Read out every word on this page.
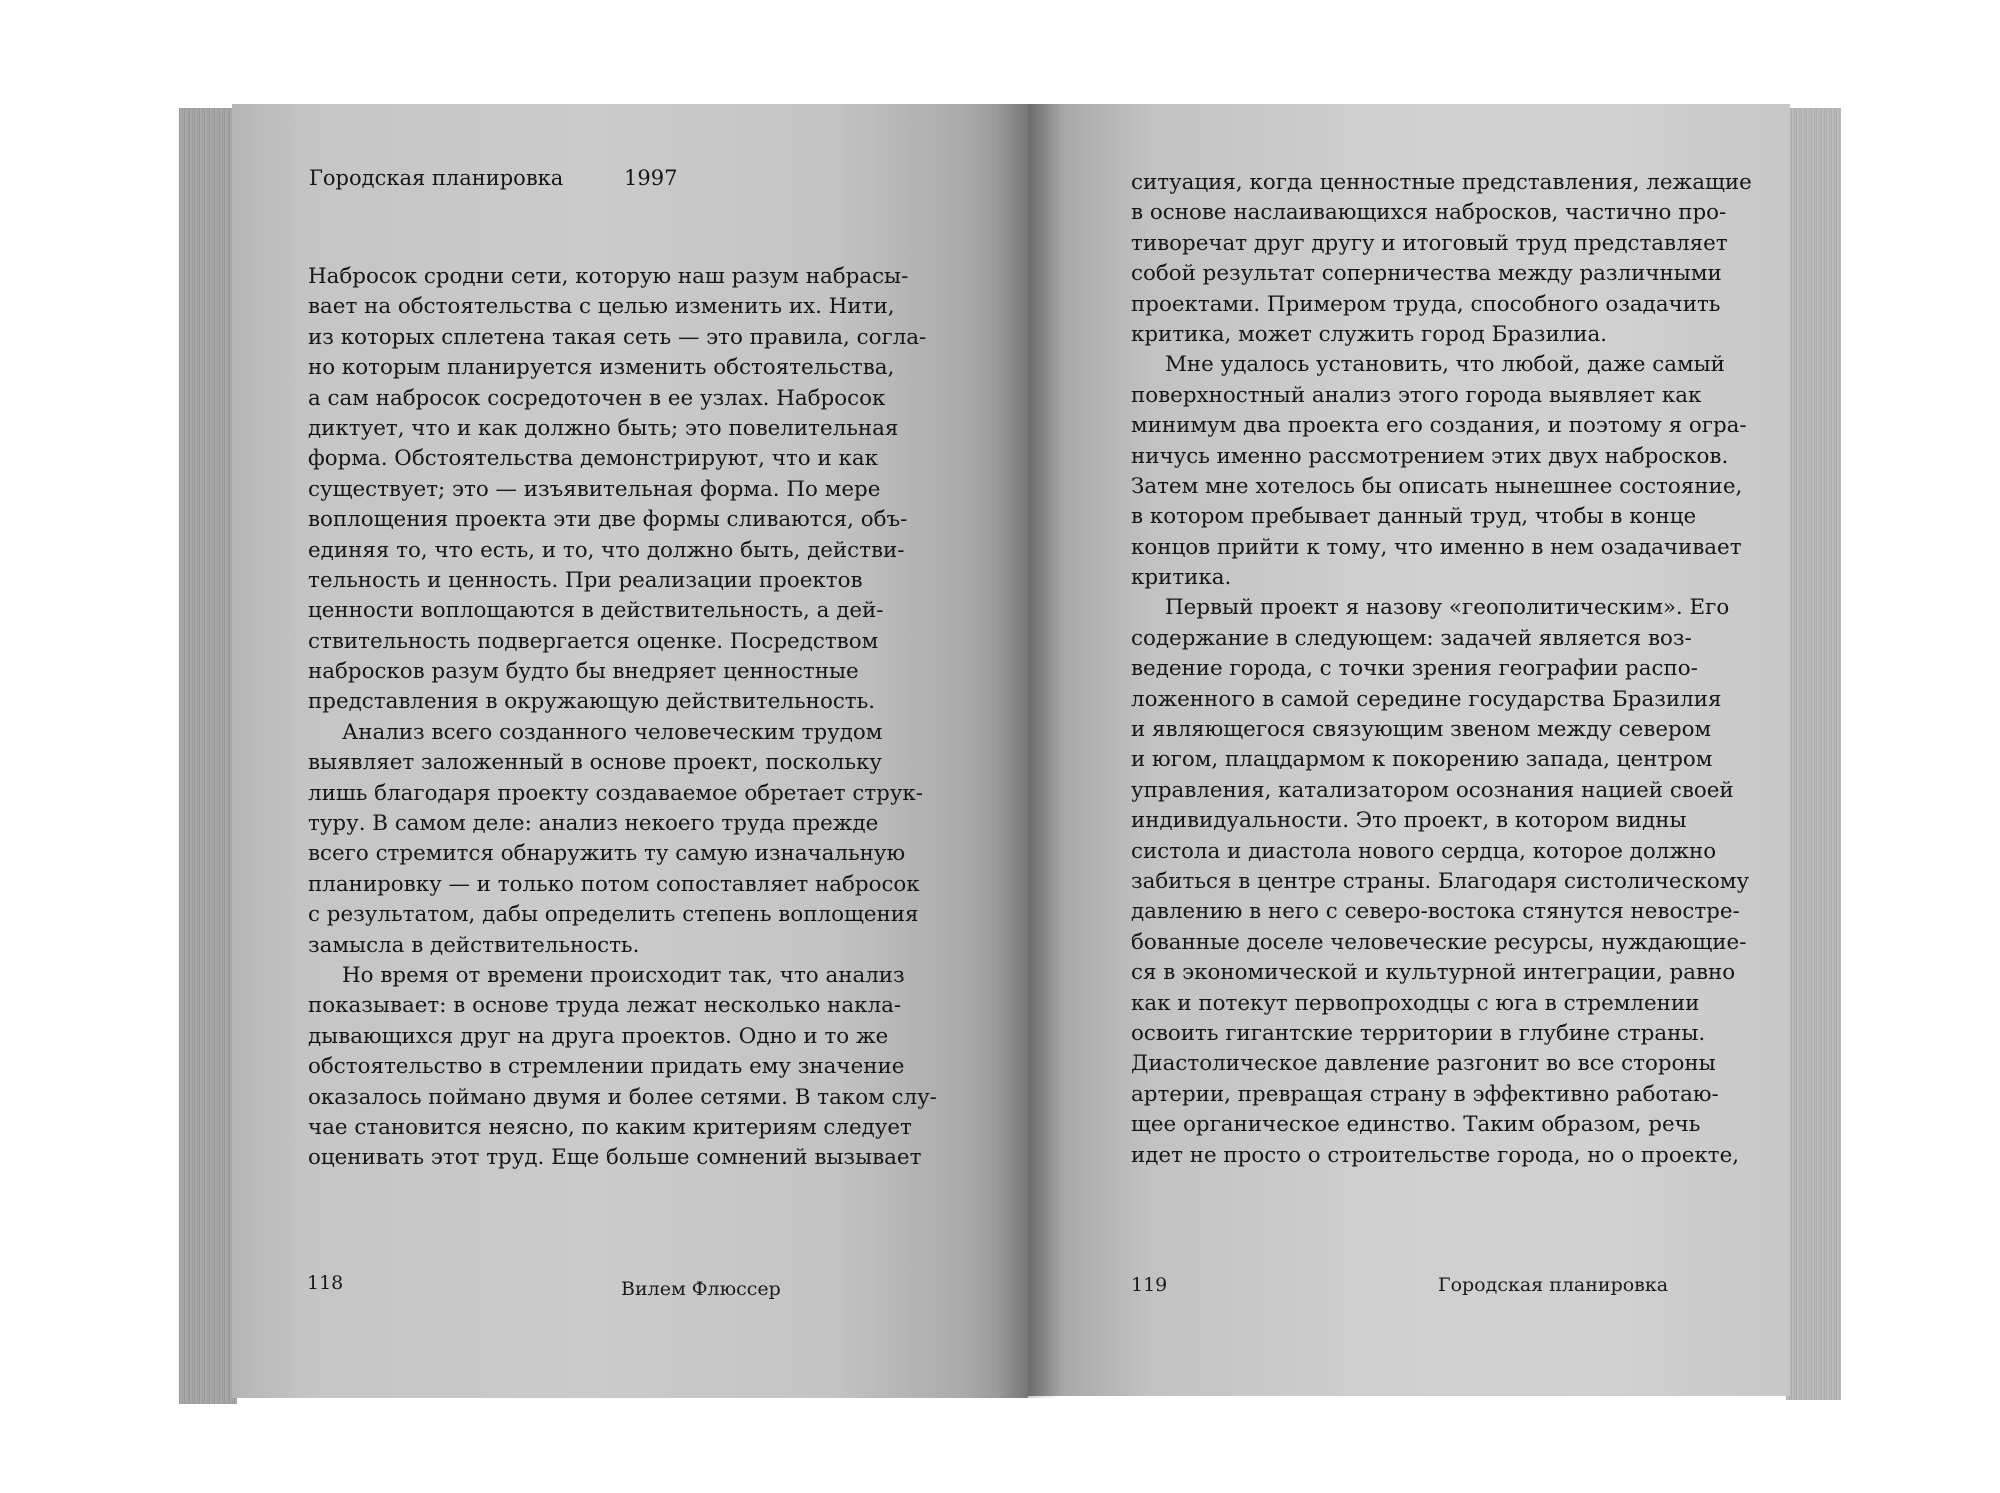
Городская планировка	1997
Набросок сродни сети, которую наш разум набрасы-
вает на обстоятельства с целью изменить их. Нити,
из которых сплетена такая сеть — это правила, согла-
но которым планируется изменить обстоятельства,
а сам набросок сосредоточен в ее узлах. Набросок
диктует, что и как должно быть; это повелительная
форма. Обстоятельства демонстрируют, что и как
существует; это — изъявительная форма. По мере
воплощения проекта эти две формы сливаются, объ-
единяя то, что есть, и то, что должно быть, действи-
тельность и ценность. При реализации проектов
ценности воплощаются в действительность, а дей-
ствительность подвергается оценке. Посредством
набросков разум будто бы внедряет ценностные
представления в окружающую действительность.
Анализ всего созданного человеческим трудом
выявляет заложенный в основе проект, поскольку
лишь благодаря проекту создаваемое обретает струк-
туру. В самом деле: анализ некоего труда прежде
всего стремится обнаружить ту самую изначальную
планировку — и только потом сопоставляет набросок
с результатом, дабы определить степень воплощения
замысла в действительность.
Но время от времени происходит так, что анализ
показывает: в основе труда лежат несколько накла-
дывающихся друг на друга проектов. Одно и то же
обстоятельство в стремлении придать ему значение
оказалось поймано двумя и более сетями. В таком слу-
чае становится неясно, по каким критериям следует
оценивать этот труд. Еще больше сомнений вызывает
118	Вилем Флюссер
ситуация, когда ценностные представления, лежащие
в основе наслаивающихся набросков, частично про-
тиворечат друг другу и итоговый труд представляет
собой результат соперничества между различными
проектами. Примером труда, способного озадачить
критика, может служить город Бразилиа.
Мне удалось установить, что любой, даже самый
поверхностный анализ этого города выявляет как
минимум два проекта его создания, и поэтому я огра-
ничусь именно рассмотрением этих двух набросков.
Затем мне хотелось бы описать нынешнее состояние,
в котором пребывает данный труд, чтобы в конце
концов прийти к тому, что именно в нем озадачивает
критика.
Первый проект я назову «геополитическим». Его
содержание в следующем: задачей является воз-
ведение города, с точки зрения географии распо-
ложенного в самой середине государства Бразилия
и являющегося связующим звеном между севером
и югом, плацдармом к покорению запада, центром
управления, катализатором осознания нацией своей
индивидуальности. Это проект, в котором видны
систола и диастола нового сердца, которое должно
забиться в центре страны. Благодаря систолическому
давлению в него с северо-востока стянутся невостре-
бованные доселе человеческие ресурсы, нуждающие-
ся в экономической и культурной интеграции, равно
как и потекут первопроходцы с юга в стремлении
освоить гигантские территории в глубине страны.
Диастолическое давление разгонит во все стороны
артерии, превращая страну в эффективно работаю-
щее органическое единство. Таким образом, речь
идет не просто о строительстве города, но о проекте,
119	Городская планировка
